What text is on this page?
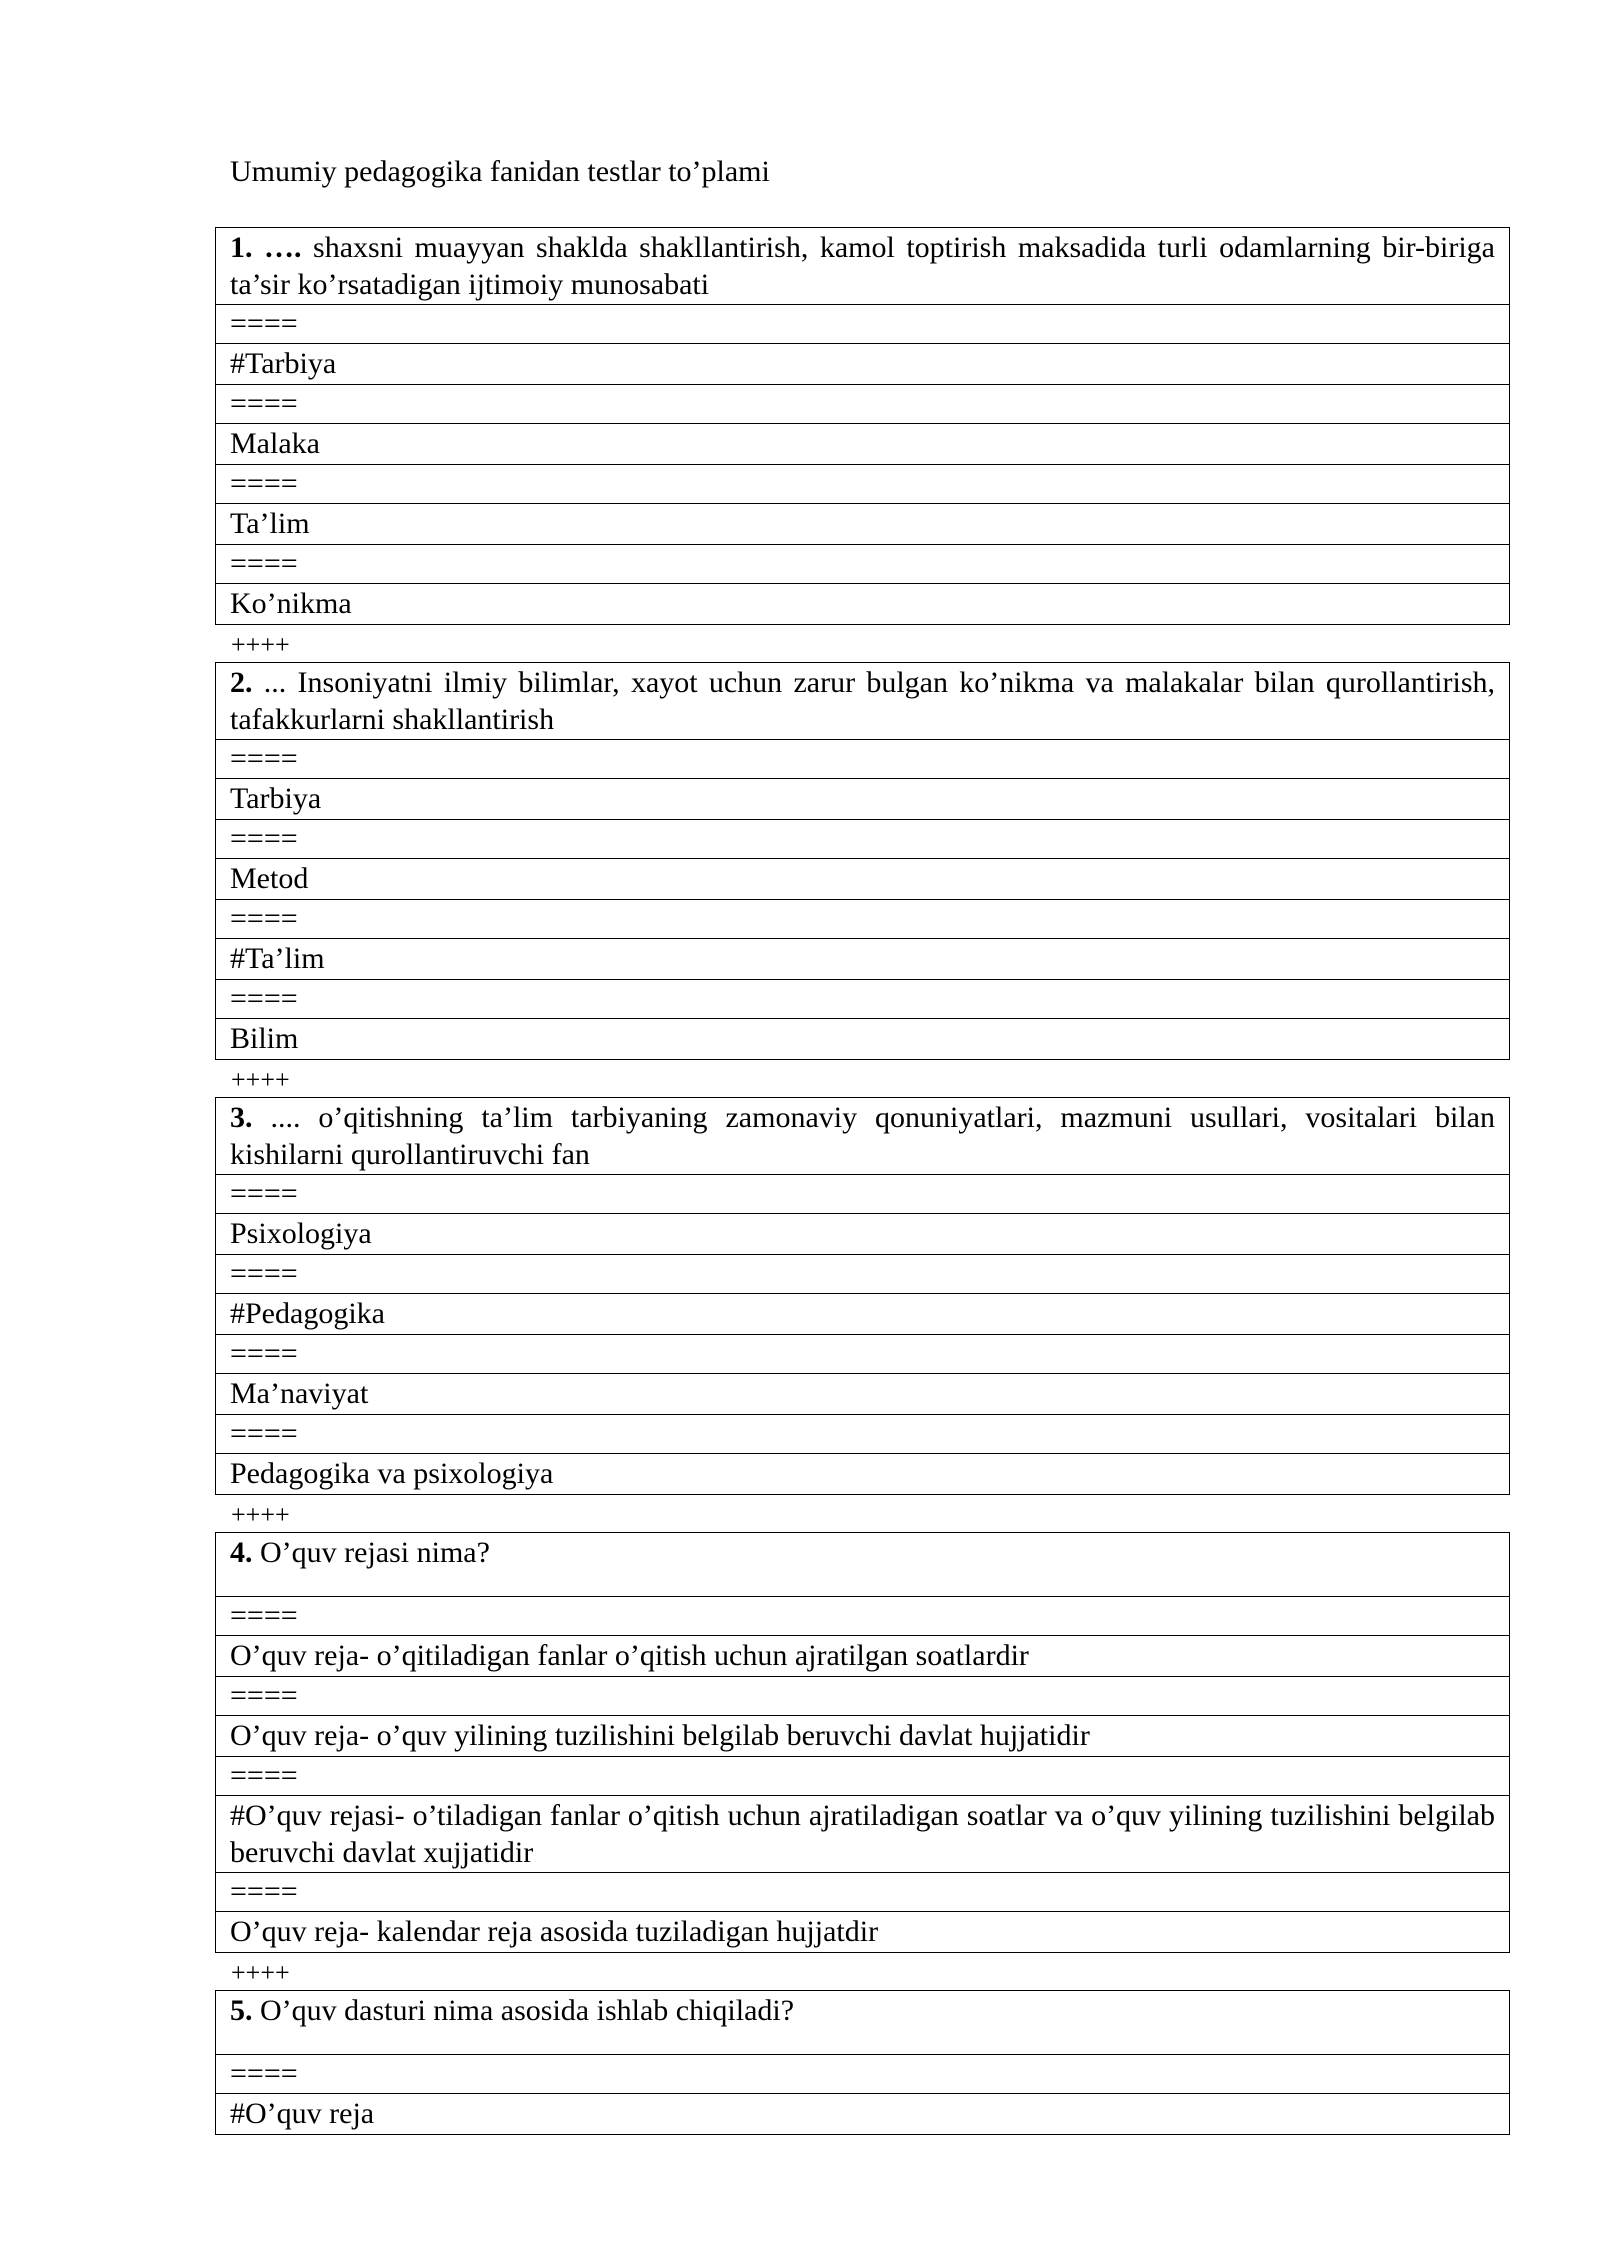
Umumiy pedagogika fanidan testlar to’plami
1. …. shaxsni muayyan shaklda shakllantirish, kamol toptirish maksadida turli odamlarning bir-biriga ta’sir ko’rsatadigan ijtimoiy munosabati
====
#Tarbiya
====
Malaka
====
Ta’lim
====
Ko’nikma
++++
2. ... Insoniyatni ilmiy bilimlar, xayot uchun zarur bulgan ko’nikma va malakalar bilan qurollantirish, tafakkurlarni shakllantirish
====
Tarbiya
====
Metod
====
#Ta’lim
====
Bilim
++++
3. .... o’qitishning ta’lim tarbiyaning zamonaviy qonuniyatlari, mazmuni usullari, vositalari bilan kishilarni qurollantiruvchi fan
====
Psixologiya
====
#Pedagogika
====
Ma’naviyat
====
Pedagogika va psixologiya
++++
4. O’quv rejasi nima?
====
O’quv reja- o’qitiladigan fanlar o’qitish uchun ajratilgan soatlardir
====
O’quv reja- o’quv yilining tuzilishini belgilab beruvchi davlat hujjatidir
====
#O’quv rejasi- o’tiladigan fanlar o’qitish uchun ajratiladigan soatlar va o’quv yilining tuzilishini belgilab beruvchi davlat xujjatidir
====
O’quv reja- kalendar reja asosida tuziladigan hujjatdir
++++
5. O’quv dasturi nima asosida ishlab chiqiladi?
====
#O’quv reja
